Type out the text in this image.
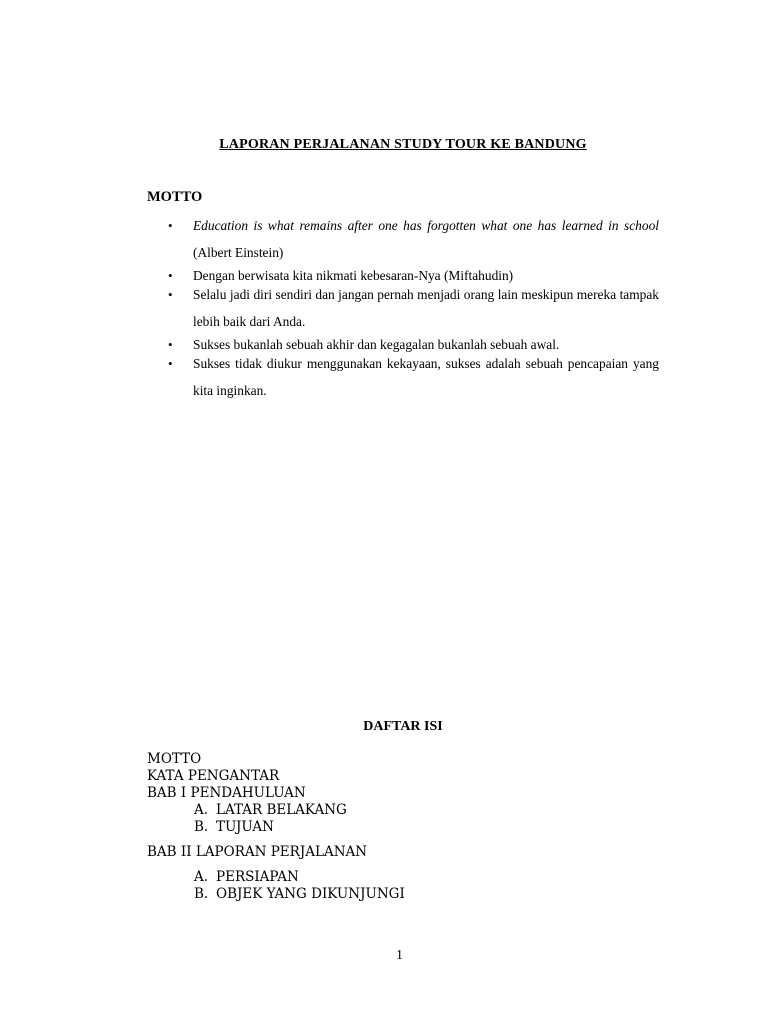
LAPORAN PERJALANAN STUDY TOUR KE BANDUNG
MOTTO
• Education is what remains after one has forgotten what one has learned in school (Albert Einstein)
• Dengan berwisata kita nikmati kebesaran-Nya (Miftahudin)
• Selalu jadi diri sendiri dan jangan pernah menjadi orang lain meskipun mereka tampak lebih baik dari Anda.
• Sukses bukanlah sebuah akhir dan kegagalan bukanlah sebuah awal.
• Sukses tidak diukur menggunakan kekayaan, sukses adalah sebuah pencapaian yang kita inginkan.
DAFTAR ISI
MOTTO
KATA PENGANTAR
BAB I PENDAHULUAN
A. LATAR BELAKANG
B. TUJUAN
BAB II LAPORAN PERJALANAN
A. PERSIAPAN
B. OBJEK YANG DIKUNJUNGI
1
